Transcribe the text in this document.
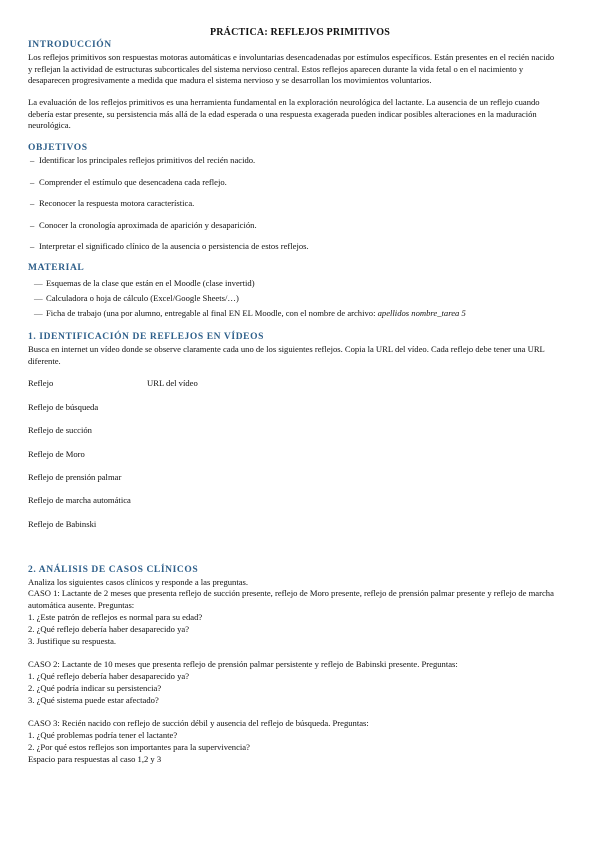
PRÁCTICA: REFLEJOS PRIMITIVOS
INTRODUCCIÓN
Los reflejos primitivos son respuestas motoras automáticas e involuntarias desencadenadas por estímulos específicos. Están presentes en el recién nacido y reflejan la actividad de estructuras subcorticales del sistema nervioso central. Estos reflejos aparecen durante la vida fetal o en el nacimiento y desaparecen progresivamente a medida que madura el sistema nervioso y se desarrollan los movimientos voluntarios.
La evaluación de los reflejos primitivos es una herramienta fundamental en la exploración neurológica del lactante. La ausencia de un reflejo cuando debería estar presente, su persistencia más allá de la edad esperada o una respuesta exagerada pueden indicar posibles alteraciones en la maduración neurológica.
OBJETIVOS
– Identificar los principales reflejos primitivos del recién nacido.
– Comprender el estímulo que desencadena cada reflejo.
– Reconocer la respuesta motora característica.
– Conocer la cronología aproximada de aparición y desaparición.
– Interpretar el significado clínico de la ausencia o persistencia de estos reflejos.
MATERIAL
— Esquemas de la clase que están en el Moodle (clase invertid)
— Calculadora o hoja de cálculo (Excel/Google Sheets/…)
— Ficha de trabajo (una por alumno, entregable al final EN EL Moodle, con el nombre de archivo: apellidos nombre_tarea 5
1. IDENTIFICACIÓN DE REFLEJOS EN VÍDEOS
Busca en internet un vídeo donde se observe claramente cada uno de los siguientes reflejos. Copia la URL del vídeo. Cada reflejo debe tener una URL diferente.
Reflejo	URL del vídeo
Reflejo de búsqueda
Reflejo de succión
Reflejo de Moro
Reflejo de prensión palmar
Reflejo de marcha automática
Reflejo de Babinski
2. ANÁLISIS DE CASOS CLÍNICOS
Analiza los siguientes casos clínicos y responde a las preguntas.
CASO 1: Lactante de 2 meses que presenta reflejo de succión presente, reflejo de Moro presente, reflejo de prensión palmar presente y reflejo de marcha automática ausente. Preguntas:
1. ¿Este patrón de reflejos es normal para su edad?
2. ¿Qué reflejo debería haber desaparecido ya?
3. Justifique su respuesta.
CASO 2: Lactante de 10 meses que presenta reflejo de prensión palmar persistente y reflejo de Babinski presente. Preguntas:
1. ¿Qué reflejo debería haber desaparecido ya?
2. ¿Qué podría indicar su persistencia?
3. ¿Qué sistema puede estar afectado?
CASO 3: Recién nacido con reflejo de succión débil y ausencia del reflejo de búsqueda. Preguntas:
1. ¿Qué problemas podría tener el lactante?
2. ¿Por qué estos reflejos son importantes para la supervivencia?
Espacio para respuestas al caso 1,2 y 3
